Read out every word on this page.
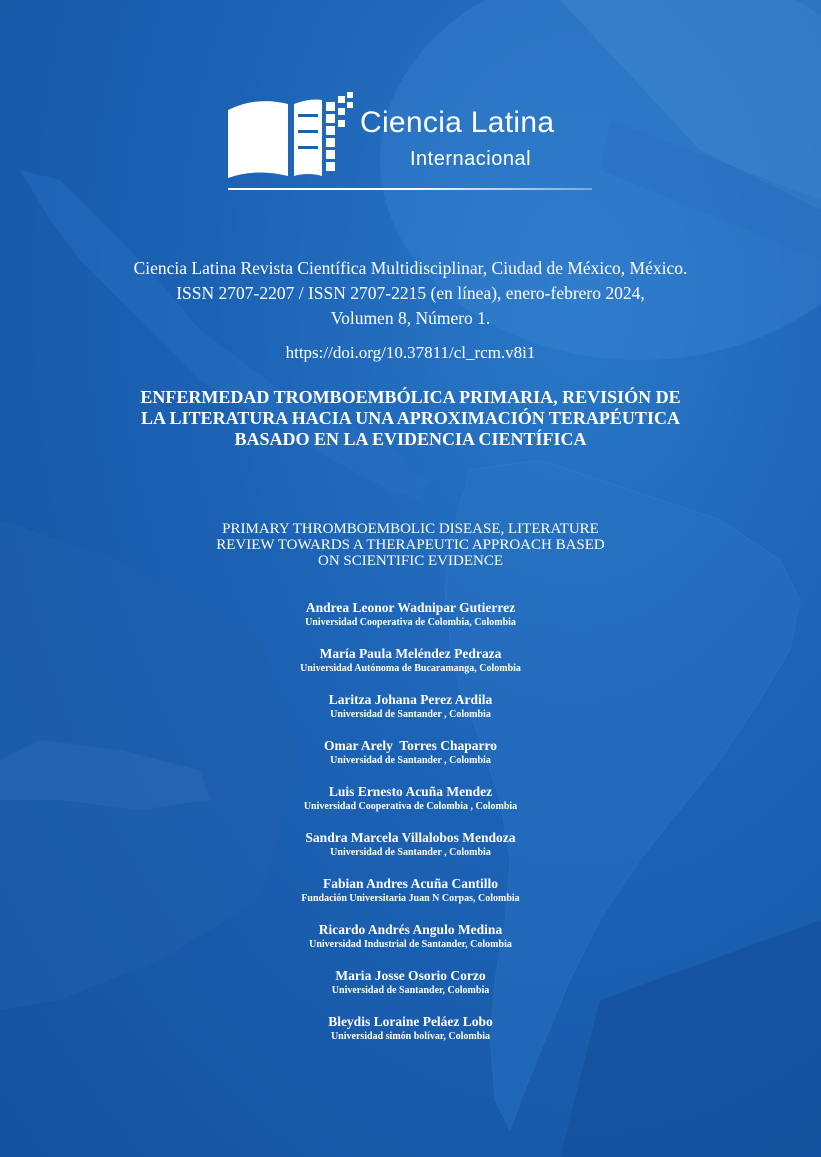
Ciencia Latina
Internacional
Ciencia Latina Revista Científica Multidisciplinar, Ciudad de México, México.
ISSN 2707-2207 / ISSN 2707-2215 (en línea), enero-febrero 2024,
Volumen 8, Número 1.
https://doi.org/10.37811/cl_rcm.v8i1
ENFERMEDAD TROMBOEMBÓLICA PRIMARIA, REVISIÓN DE
LA LITERATURA HACIA UNA APROXIMACIÓN TERAPÉUTICA
BASADO EN LA EVIDENCIA CIENTÍFICA
PRIMARY THROMBOEMBOLIC DISEASE, LITERATURE
REVIEW TOWARDS A THERAPEUTIC APPROACH BASED
ON SCIENTIFIC EVIDENCE
Andrea Leonor Wadnipar Gutierrez
Universidad Cooperativa de Colombia, Colombia
María Paula Meléndez Pedraza
Universidad Autónoma de Bucaramanga, Colombia
Laritza Johana Perez Ardila
Universidad de Santander , Colombia
Omar Arely  Torres Chaparro
Universidad de Santander , Colombia
Luis Ernesto Acuña Mendez
Universidad Cooperativa de Colombia , Colombia
Sandra Marcela Villalobos Mendoza
Universidad de Santander , Colombia
Fabian Andres Acuña Cantillo
Fundación Universitaria Juan N Corpas, Colombia
Ricardo Andrés Angulo Medina
Universidad Industrial de Santander, Colombia
Maria Josse Osorio Corzo
Universidad de Santander, Colombia
Bleydis Loraine Peláez Lobo
Universidad simón bolívar, Colombia
